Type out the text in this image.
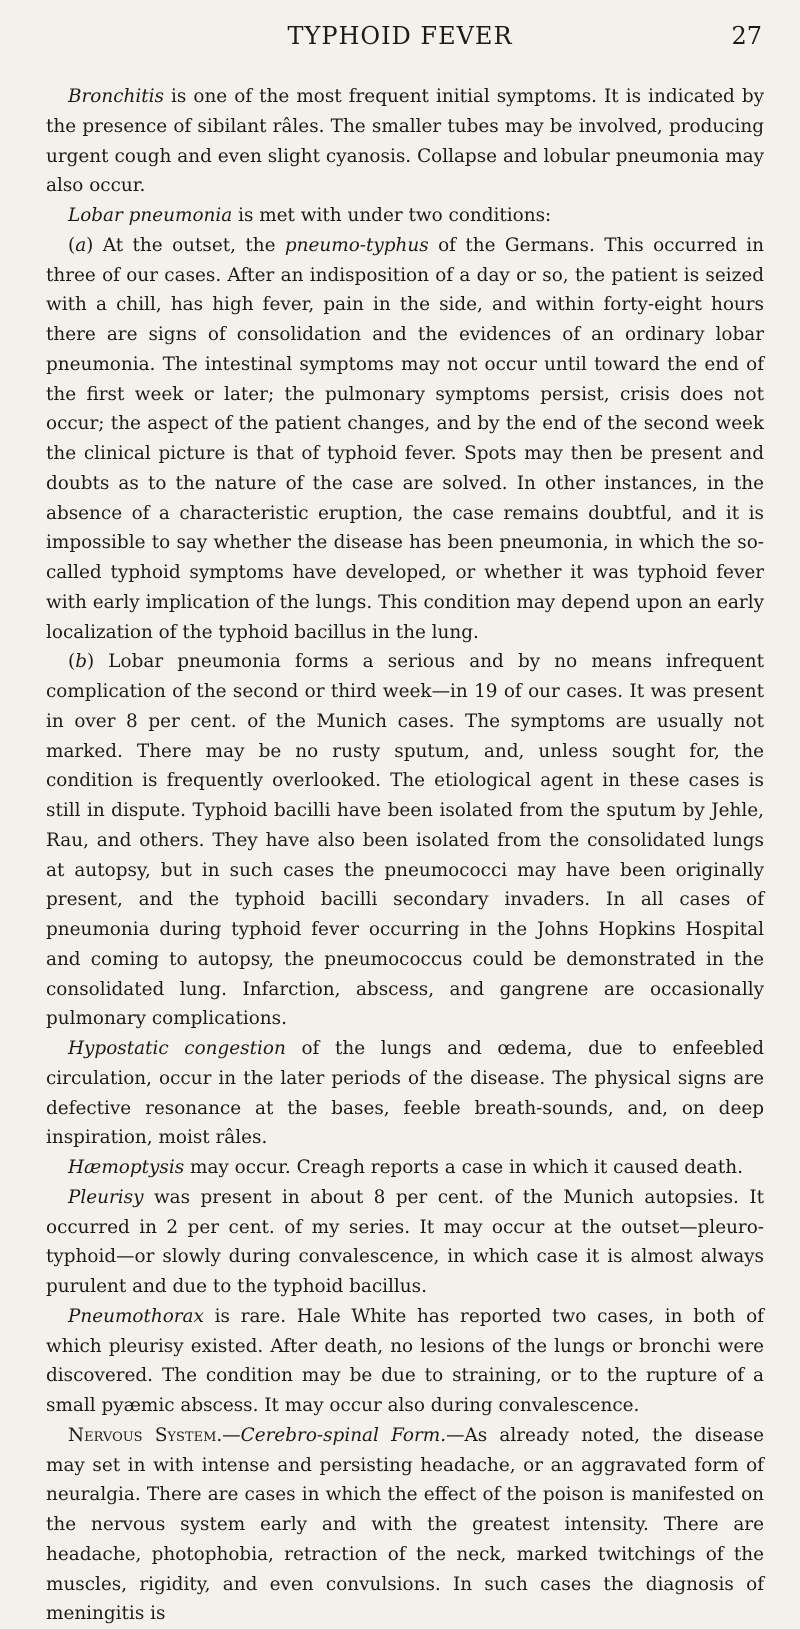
TYPHOID FEVER	27

Bronchitis is one of the most frequent initial symptoms. It is indicated by the presence of sibilant râles. The smaller tubes may be involved, producing urgent cough and even slight cyanosis. Collapse and lobular pneumonia may also occur.

Lobar pneumonia is met with under two conditions:

(a) At the outset, the pneumo-typhus of the Germans. This occurred in three of our cases. After an indisposition of a day or so, the patient is seized with a chill, has high fever, pain in the side, and within forty-eight hours there are signs of consolidation and the evidences of an ordinary lobar pneumonia. The intestinal symptoms may not occur until toward the end of the first week or later; the pulmonary symptoms persist, crisis does not occur; the aspect of the patient changes, and by the end of the second week the clinical picture is that of typhoid fever. Spots may then be present and doubts as to the nature of the case are solved. In other instances, in the absence of a characteristic eruption, the case remains doubtful, and it is impossible to say whether the disease has been pneumonia, in which the so-called typhoid symptoms have developed, or whether it was typhoid fever with early implication of the lungs. This condition may depend upon an early localization of the typhoid bacillus in the lung.

(b) Lobar pneumonia forms a serious and by no means infrequent complication of the second or third week—in 19 of our cases. It was present in over 8 per cent. of the Munich cases. The symptoms are usually not marked. There may be no rusty sputum, and, unless sought for, the condition is frequently overlooked. The etiological agent in these cases is still in dispute. Typhoid bacilli have been isolated from the sputum by Jehle, Rau, and others. They have also been isolated from the consolidated lungs at autopsy, but in such cases the pneumococci may have been originally present, and the typhoid bacilli secondary invaders. In all cases of pneumonia during typhoid fever occurring in the Johns Hopkins Hospital and coming to autopsy, the pneumococcus could be demonstrated in the consolidated lung. Infarction, abscess, and gangrene are occasionally pulmonary complications.

Hypostatic congestion of the lungs and œdema, due to enfeebled circulation, occur in the later periods of the disease. The physical signs are defective resonance at the bases, feeble breath-sounds, and, on deep inspiration, moist râles.

Hæmoptysis may occur. Creagh reports a case in which it caused death.

Pleurisy was present in about 8 per cent. of the Munich autopsies. It occurred in 2 per cent. of my series. It may occur at the outset—pleuro-typhoid—or slowly during convalescence, in which case it is almost always purulent and due to the typhoid bacillus.

Pneumothorax is rare. Hale White has reported two cases, in both of which pleurisy existed. After death, no lesions of the lungs or bronchi were discovered. The condition may be due to straining, or to the rupture of a small pyæmic abscess. It may occur also during convalescence.

Nervous System.—Cerebro-spinal Form.—As already noted, the disease may set in with intense and persisting headache, or an aggravated form of neuralgia. There are cases in which the effect of the poison is manifested on the nervous system early and with the greatest intensity. There are headache, photophobia, retraction of the neck, marked twitchings of the muscles, rigidity, and even convulsions. In such cases the diagnosis of meningitis is
